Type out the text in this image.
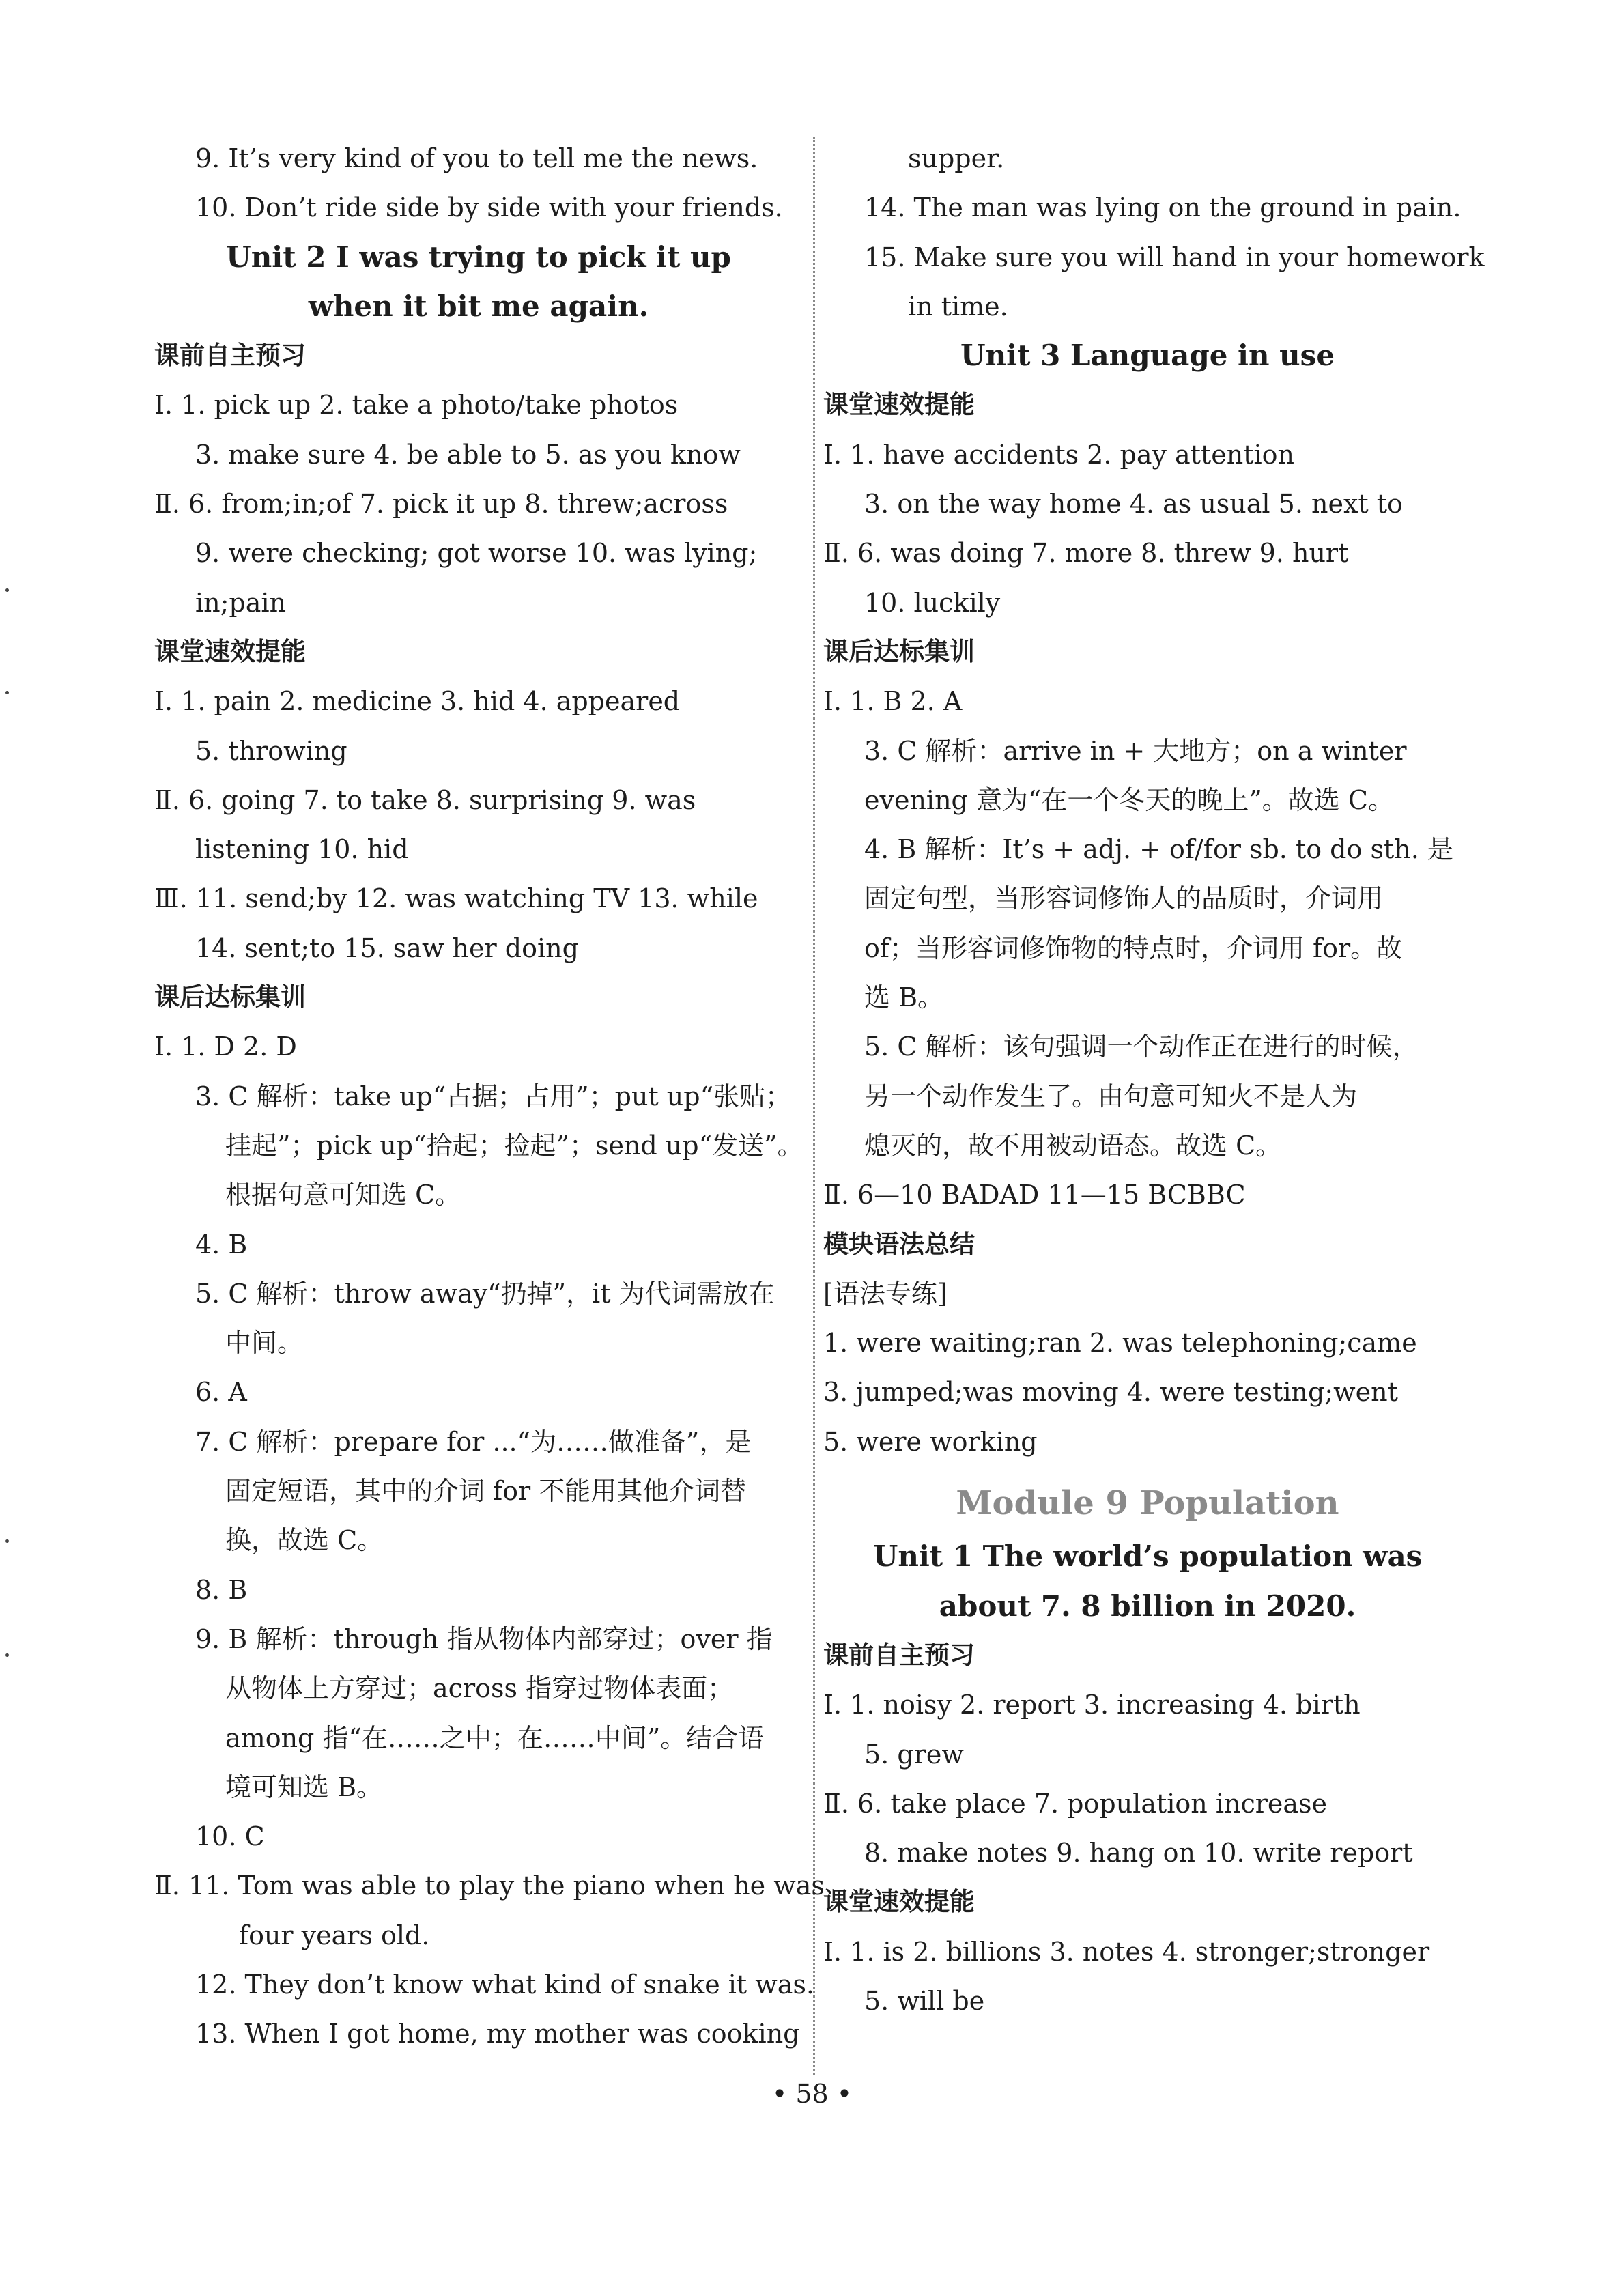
9. It’s very kind of you to tell me the news.
10. Don’t ride side by side with your friends.
Unit 2 I was trying to pick it up
when it bit me again.
课前自主预习
Ⅰ. 1. pick up 2. take a photo/take photos
3. make sure 4. be able to 5. as you know
Ⅱ. 6. from;in;of 7. pick it up 8. threw;across
9. were checking; got worse 10. was lying;
in;pain
课堂速效提能
Ⅰ. 1. pain 2. medicine 3. hid 4. appeared
5. throwing
Ⅱ. 6. going 7. to take 8. surprising 9. was
listening 10. hid
Ⅲ. 11. send;by 12. was watching TV 13. while
14. sent;to 15. saw her doing
课后达标集训
Ⅰ. 1. D 2. D
3. C 解析：take up“占据；占用”；put up“张贴；
挂起”；pick up“拾起；捡起”；send up“发送”。
根据句意可知选 C。
4. B
5. C 解析：throw away“扔掉”，it 为代词需放在
中间。
6. A
7. C 解析：prepare for ...“为……做准备”，是
固定短语，其中的介词 for 不能用其他介词替
换，故选 C。
8. B
9. B 解析：through 指从物体内部穿过；over 指
从物体上方穿过；across 指穿过物体表面；
among 指“在……之中；在……中间”。结合语
境可知选 B。
10. C
Ⅱ. 11. Tom was able to play the piano when he was
four years old.
12. They don’t know what kind of snake it was.
13. When I got home, my mother was cooking
supper.
14. The man was lying on the ground in pain.
15. Make sure you will hand in your homework
in time.
Unit 3 Language in use
课堂速效提能
Ⅰ. 1. have accidents 2. pay attention
3. on the way home 4. as usual 5. next to
Ⅱ. 6. was doing 7. more 8. threw 9. hurt
10. luckily
课后达标集训
Ⅰ. 1. B 2. A
3. C 解析：arrive in + 大地方；on a winter
evening 意为“在一个冬天的晚上”。故选 C。
4. B 解析：It’s + adj. + of/for sb. to do sth. 是
固定句型，当形容词修饰人的品质时，介词用
of；当形容词修饰物的特点时，介词用 for。故
选 B。
5. C 解析：该句强调一个动作正在进行的时候，
另一个动作发生了。由句意可知火不是人为
熄灭的，故不用被动语态。故选 C。
Ⅱ. 6—10 BADAD 11—15 BCBBC
模块语法总结
[语法专练]
1. were waiting;ran 2. was telephoning;came
3. jumped;was moving 4. were testing;went
5. were working
Module 9 Population
Unit 1 The world’s population was
about 7. 8 billion in 2020.
课前自主预习
Ⅰ. 1. noisy 2. report 3. increasing 4. birth
5. grew
Ⅱ. 6. take place 7. population increase
8. make notes 9. hang on 10. write report
课堂速效提能
Ⅰ. 1. is 2. billions 3. notes 4. stronger;stronger
5. will be
• 58 •
